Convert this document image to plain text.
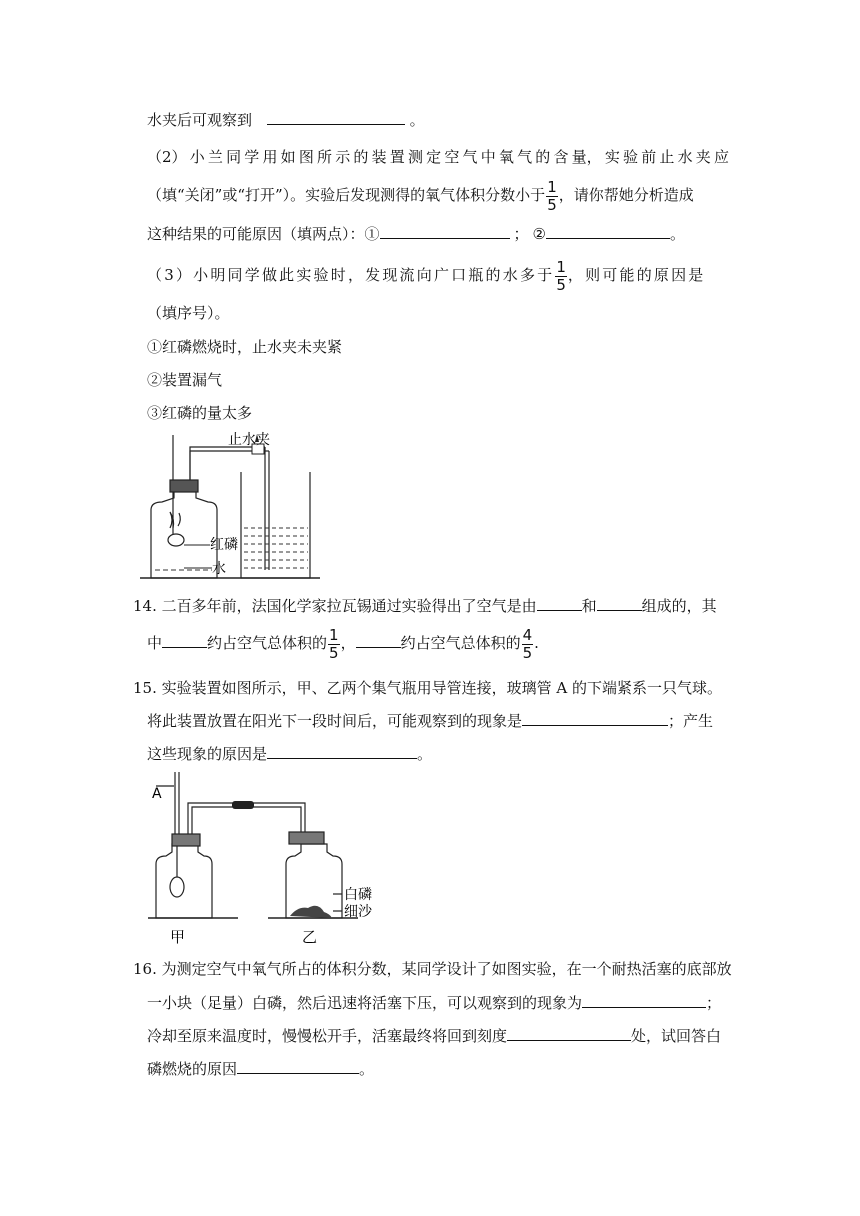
水夹后可观察到	。
（2） 小 兰 同 学 用 如 图 所 示 的 装 置 测 定 空 气 中 氧 气 的 含 量， 实 验 前 止 水 夹 应
（填“关闭”或“打开”）。实验后发现测得的氧气体积分数小于 $\frac{1}{5}$ ，请你帮她分析造成
这种结果的可能原因（填两点）：①	； ②	。
（3）小明同学做此实验时，发现流向广口瓶的水多于 $\frac{1}{5}$ ，则可能的原因是
（填序号）。
①红磷燃烧时，止水夹未夹紧
②装置漏气
③红磷的量太多
止水夹
红磷
水
14. 二百多年前，法国化学家拉瓦锡通过实验得出了空气是由	和	组成的，其
中	约占空气总体积的 $\frac{1}{5}$ ，	约占空气总体积的 $\frac{4}{5}$ .
15. 实验装置如图所示，甲、乙两个集气瓶用导管连接，玻璃管 A 的下端紧系一只气球。
将此装置放置在阳光下一段时间后，可能观察到的现象是	；产生
这些现象的原因是	。
A
白磷
细沙
甲	乙
16. 为测定空气中氧气所占的体积分数，某同学设计了如图实验，在一个耐热活塞的底部放
一小块（足量）白磷，然后迅速将活塞下压，可以观察到的现象为	；
冷却至原来温度时，慢慢松开手，活塞最终将回到刻度	处，试回答白
磷燃烧的原因	。
